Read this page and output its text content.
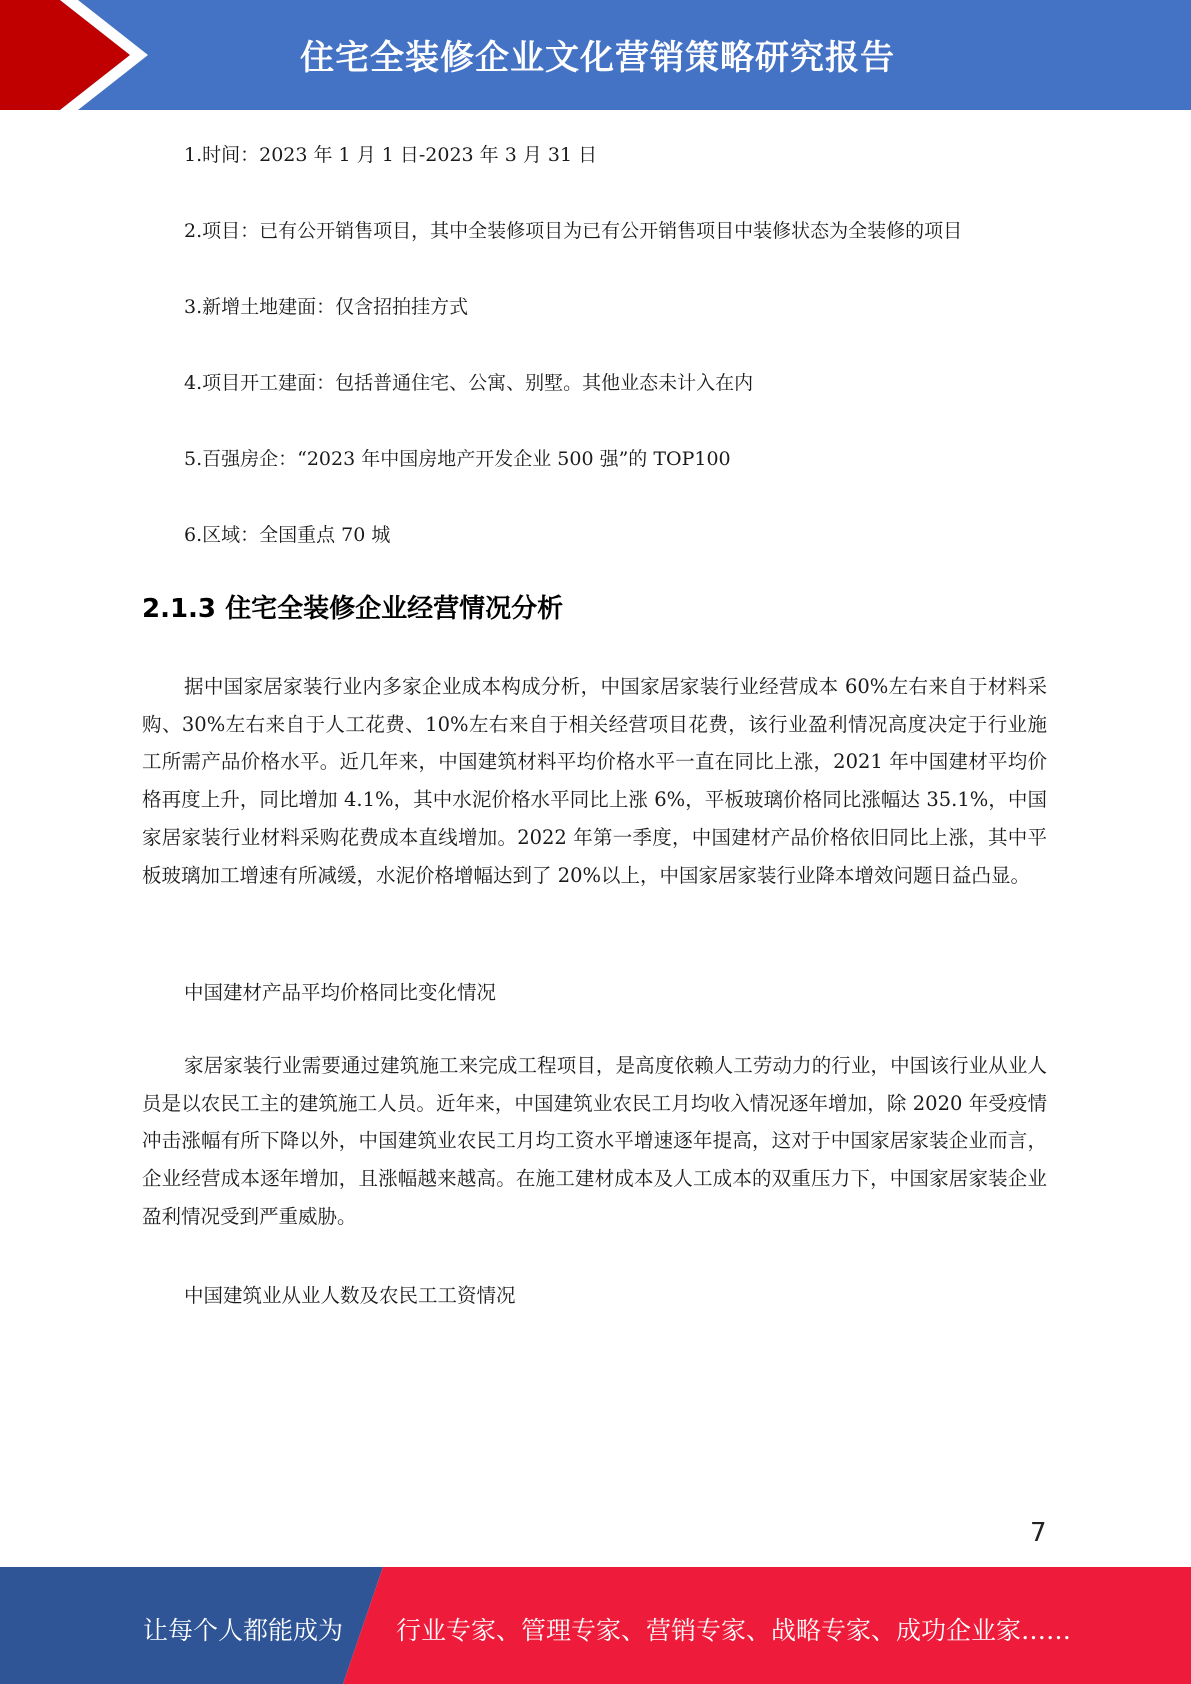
住宅全装修企业文化营销策略研究报告
1.时间：2023 年 1 月 1 日-2023 年 3 月 31 日
2.项目：已有公开销售项目，其中全装修项目为已有公开销售项目中装修状态为全装修的项目
3.新增土地建面：仅含招拍挂方式
4.项目开工建面：包括普通住宅、公寓、别墅。其他业态未计入在内
5.百强房企：“2023 年中国房地产开发企业 500 强”的 TOP100
6.区域：全国重点 70 城
2.1.3 住宅全装修企业经营情况分析

据中国家居家装行业内多家企业成本构成分析，中国家居家装行业经营成本 60%左右来自于材料采购、30%左右来自于人工花费、10%左右来自于相关经营项目花费，该行业盈利情况高度决定于行业施工所需产品价格水平。近几年来，中国建筑材料平均价格水平一直在同比上涨，2021 年中国建材平均价格再度上升，同比增加 4.1%，其中水泥价格水平同比上涨 6%，平板玻璃价格同比涨幅达 35.1%，中国家居家装行业材料采购花费成本直线增加。2022 年第一季度，中国建材产品价格依旧同比上涨，其中平板玻璃加工增速有所减缓，水泥价格增幅达到了 20%以上，中国家居家装行业降本增效问题日益凸显。

中国建材产品平均价格同比变化情况

家居家装行业需要通过建筑施工来完成工程项目，是高度依赖人工劳动力的行业，中国该行业从业人员是以农民工主的建筑施工人员。近年来，中国建筑业农民工月均收入情况逐年增加，除 2020 年受疫情冲击涨幅有所下降以外，中国建筑业农民工月均工资水平增速逐年提高，这对于中国家居家装企业而言，企业经营成本逐年增加，且涨幅越来越高。在施工建材成本及人工成本的双重压力下，中国家居家装企业盈利情况受到严重威胁。

中国建筑业从业人数及农民工工资情况
7
让每个人都能成为 行业专家、管理专家、营销专家、战略专家、成功企业家……
